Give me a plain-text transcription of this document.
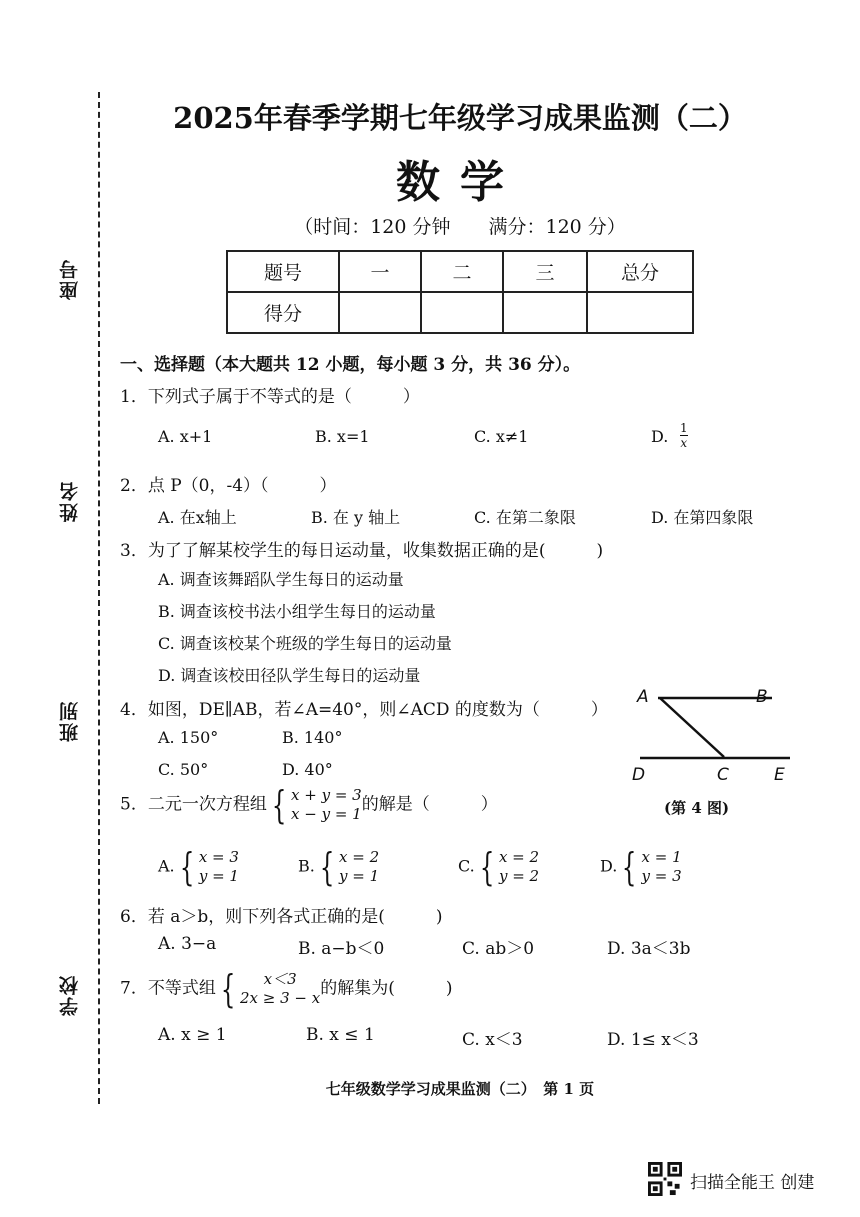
座号
姓名
班别
学校
2025年春季学期七年级学习成果监测（二）
数学
（时间：120 分钟　　满分：120 分）
题号	一	二	三	总分
得分				
一、选择题（本大题共 12 小题，每小题 3 分，共 36 分）。
1．下列式子属于不等式的是（　　　）
A. x+1	B. x=1	C. x≠1	D. $\frac{1}{x}$
2．点 P（0，-4）（　　　）
A. 在x轴上	B. 在 y 轴上	C. 在第二象限	D. 在第四象限
3．为了了解某校学生的每日运动量，收集数据正确的是(　　　)
A. 调查该舞蹈队学生每日的运动量
B. 调查该校书法小组学生每日的运动量
C. 调查该校某个班级的学生每日的运动量
D. 调查该校田径队学生每日的运动量
4．如图，DE∥AB，若∠A=40°，则∠ACD 的度数为（　　　）
A. 150°	B. 140°
C. 50°	D. 40°
A	B
D	C	E
(第 4 图)
5．二元一次方程组 { x + y = 3
x − y = 1 的解是（　　　）
A. { x = 3
y = 1
B. { x = 2
y = 1
C. { x = 2
y = 2
D. { x = 1
y = 3
6．若 a＞b，则下列各式正确的是(　　　)
A. 3−a	B. a−b＜0	C. ab＞0	D. 3a＜3b
7．不等式组 {	x＜3
2x ≥ 3 − x 的解集为(　　　)
A. x ≥ 1	B. x ≤ 1	C. x＜3	D. 1≤ x＜3
七年级数学学习成果监测（二）　第 1 页
扫描全能王 创建
